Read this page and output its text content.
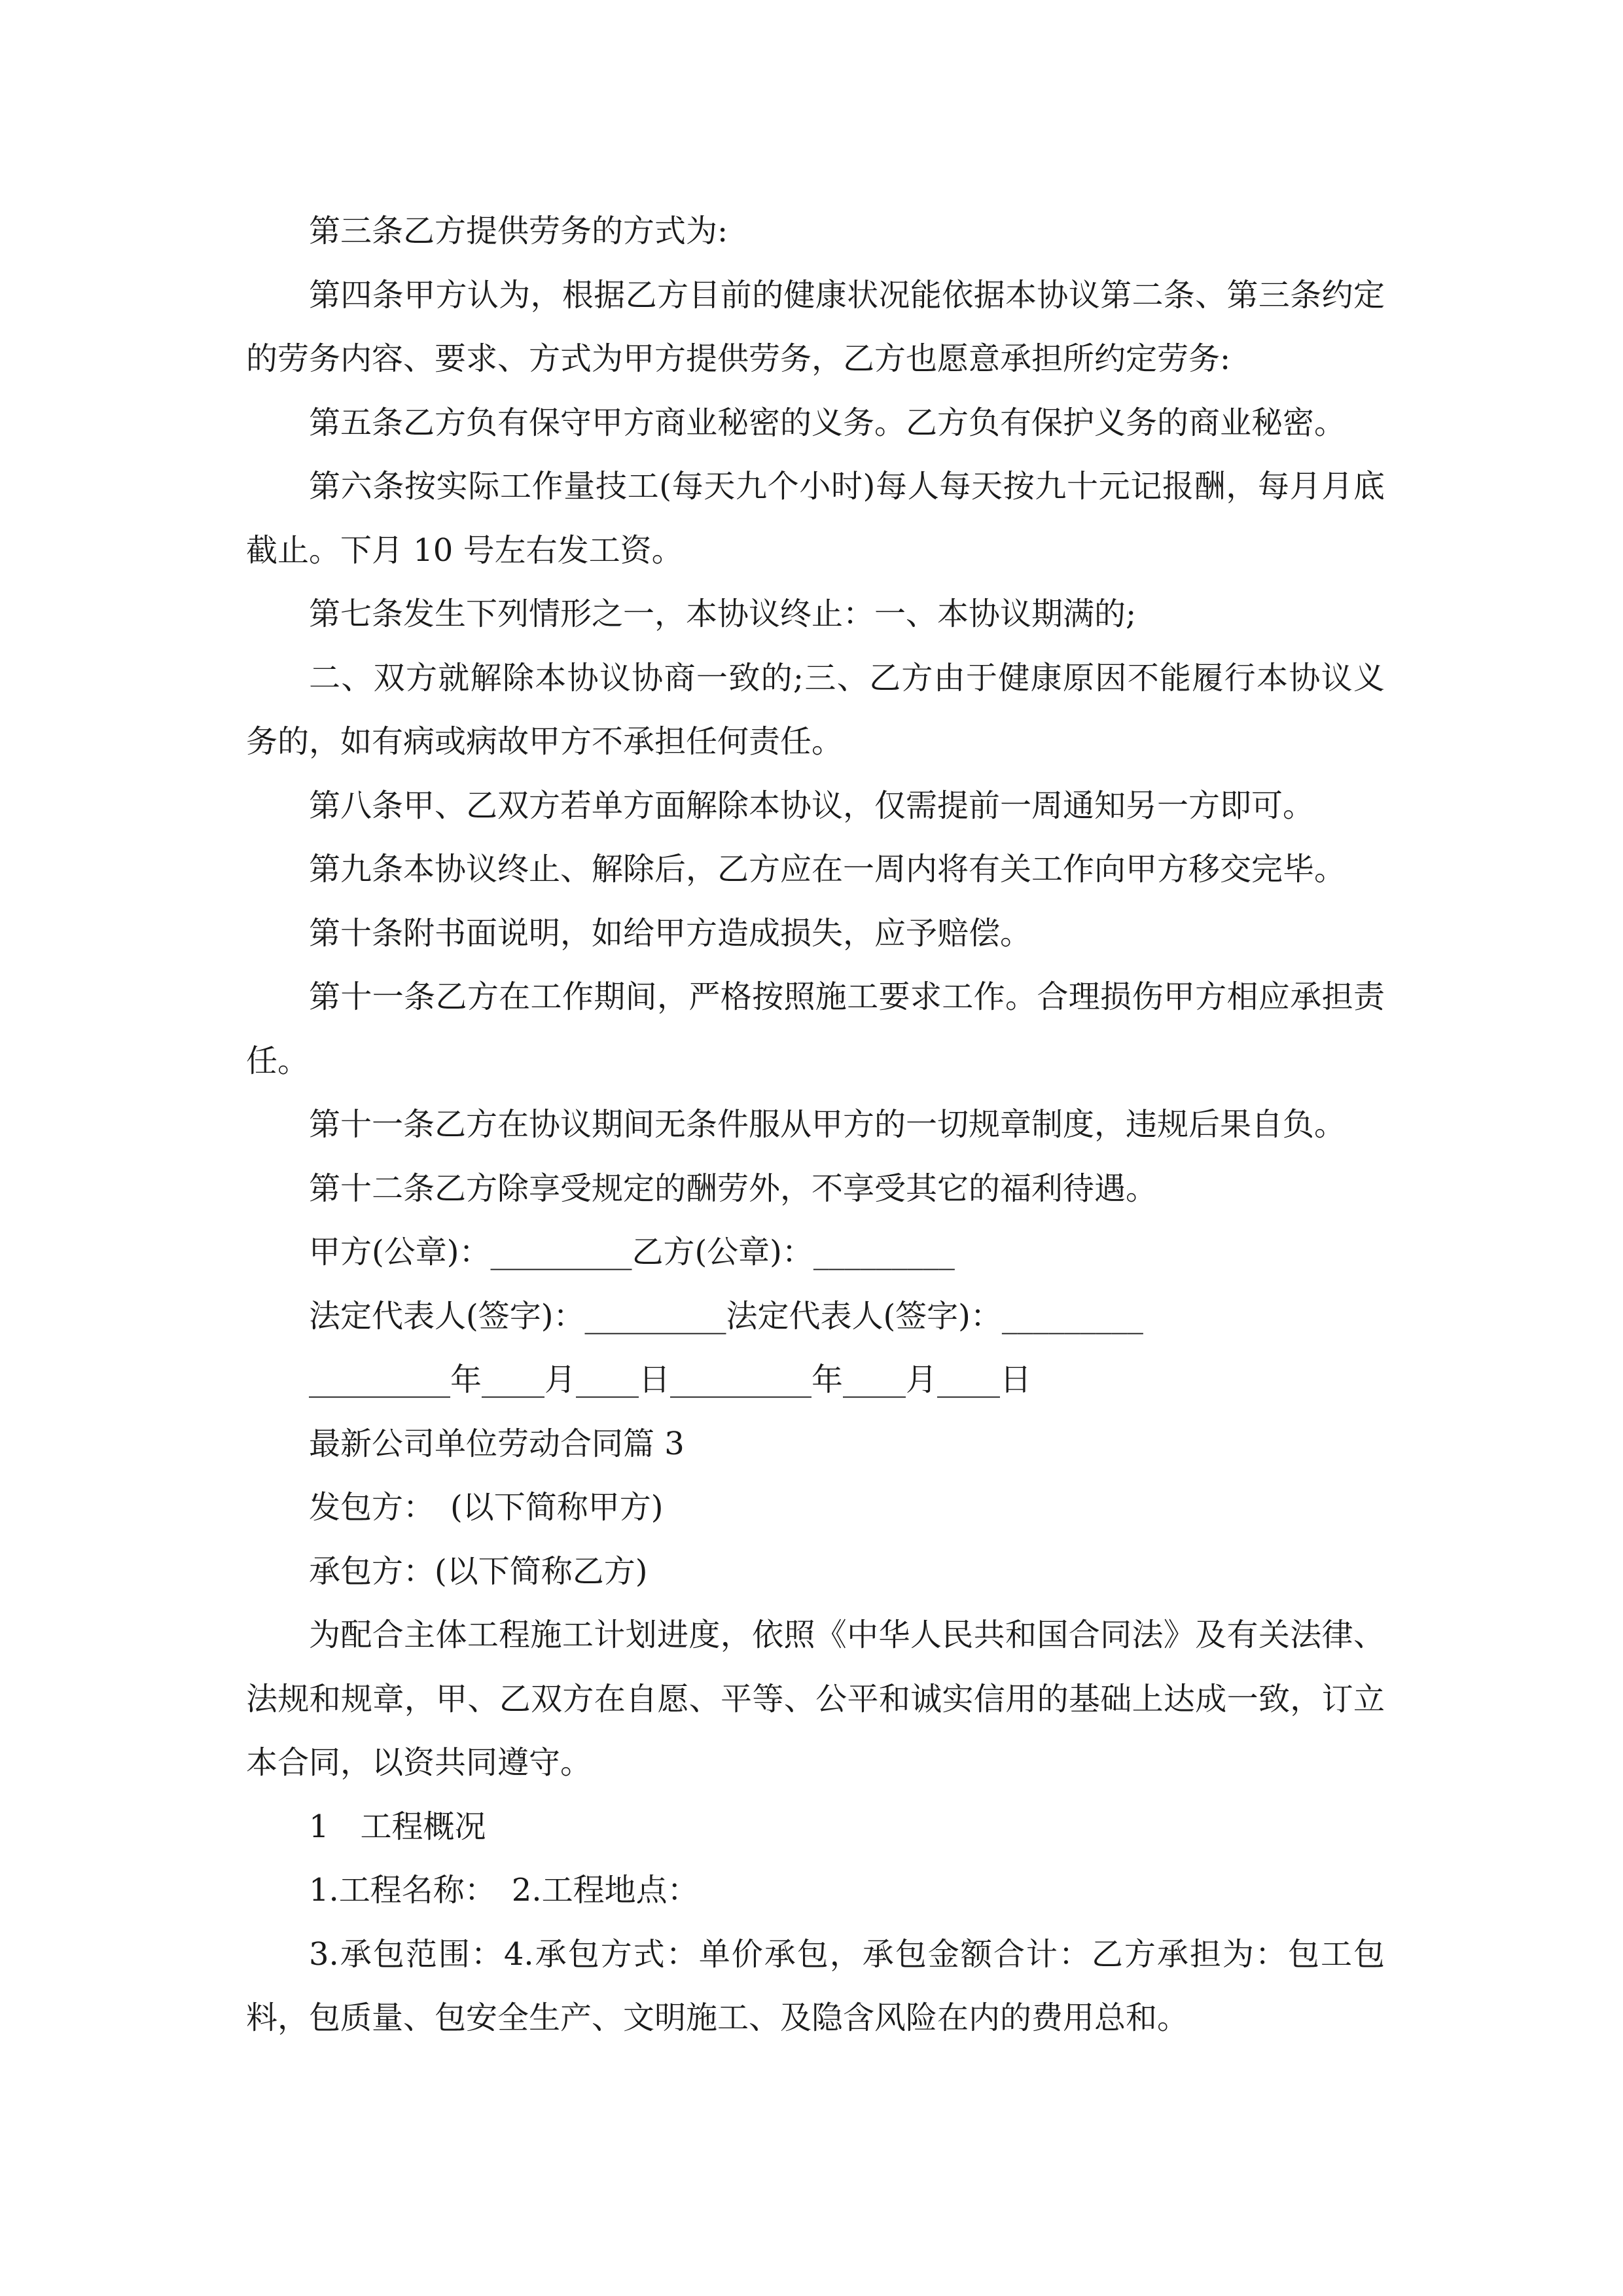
第三条乙方提供劳务的方式为:

第四条甲方认为，根据乙方目前的健康状况能依据本协议第二条、第三条约定的劳务内容、要求、方式为甲方提供劳务，乙方也愿意承担所约定劳务:

第五条乙方负有保守甲方商业秘密的义务。乙方负有保护义务的商业秘密。

第六条按实际工作量技工(每天九个小时)每人每天按九十元记报酬，每月月底截止。下月 10 号左右发工资。

第七条发生下列情形之一，本协议终止：一、本协议期满的;

二、双方就解除本协议协商一致的;三、乙方由于健康原因不能履行本协议义务的，如有病或病故甲方不承担任何责任。

第八条甲、乙双方若单方面解除本协议，仅需提前一周通知另一方即可。

第九条本协议终止、解除后，乙方应在一周内将有关工作向甲方移交完毕。

第十条附书面说明，如给甲方造成损失，应予赔偿。

第十一条乙方在工作期间，严格按照施工要求工作。合理损伤甲方相应承担责任。

第十一条乙方在协议期间无条件服从甲方的一切规章制度，违规后果自负。

第十二条乙方除享受规定的酬劳外，不享受其它的福利待遇。

甲方(公章)：_________乙方(公章)：_________

法定代表人(签字)：_________法定代表人(签字)：_________

_________年____月____日_________年____月____日

最新公司单位劳动合同篇 3

发包方：　(以下简称甲方)

承包方：(以下简称乙方)

为配合主体工程施工计划进度，依照《中华人民共和国合同法》及有关法律、法规和规章，甲、乙双方在自愿、平等、公平和诚实信用的基础上达成一致，订立本合同，以资共同遵守。

1　工程概况

1.工程名称：　2.工程地点：

3.承包范围：4.承包方式：单价承包，承包金额合计：乙方承担为：包工包料，包质量、包安全生产、文明施工、及隐含风险在内的费用总和。
